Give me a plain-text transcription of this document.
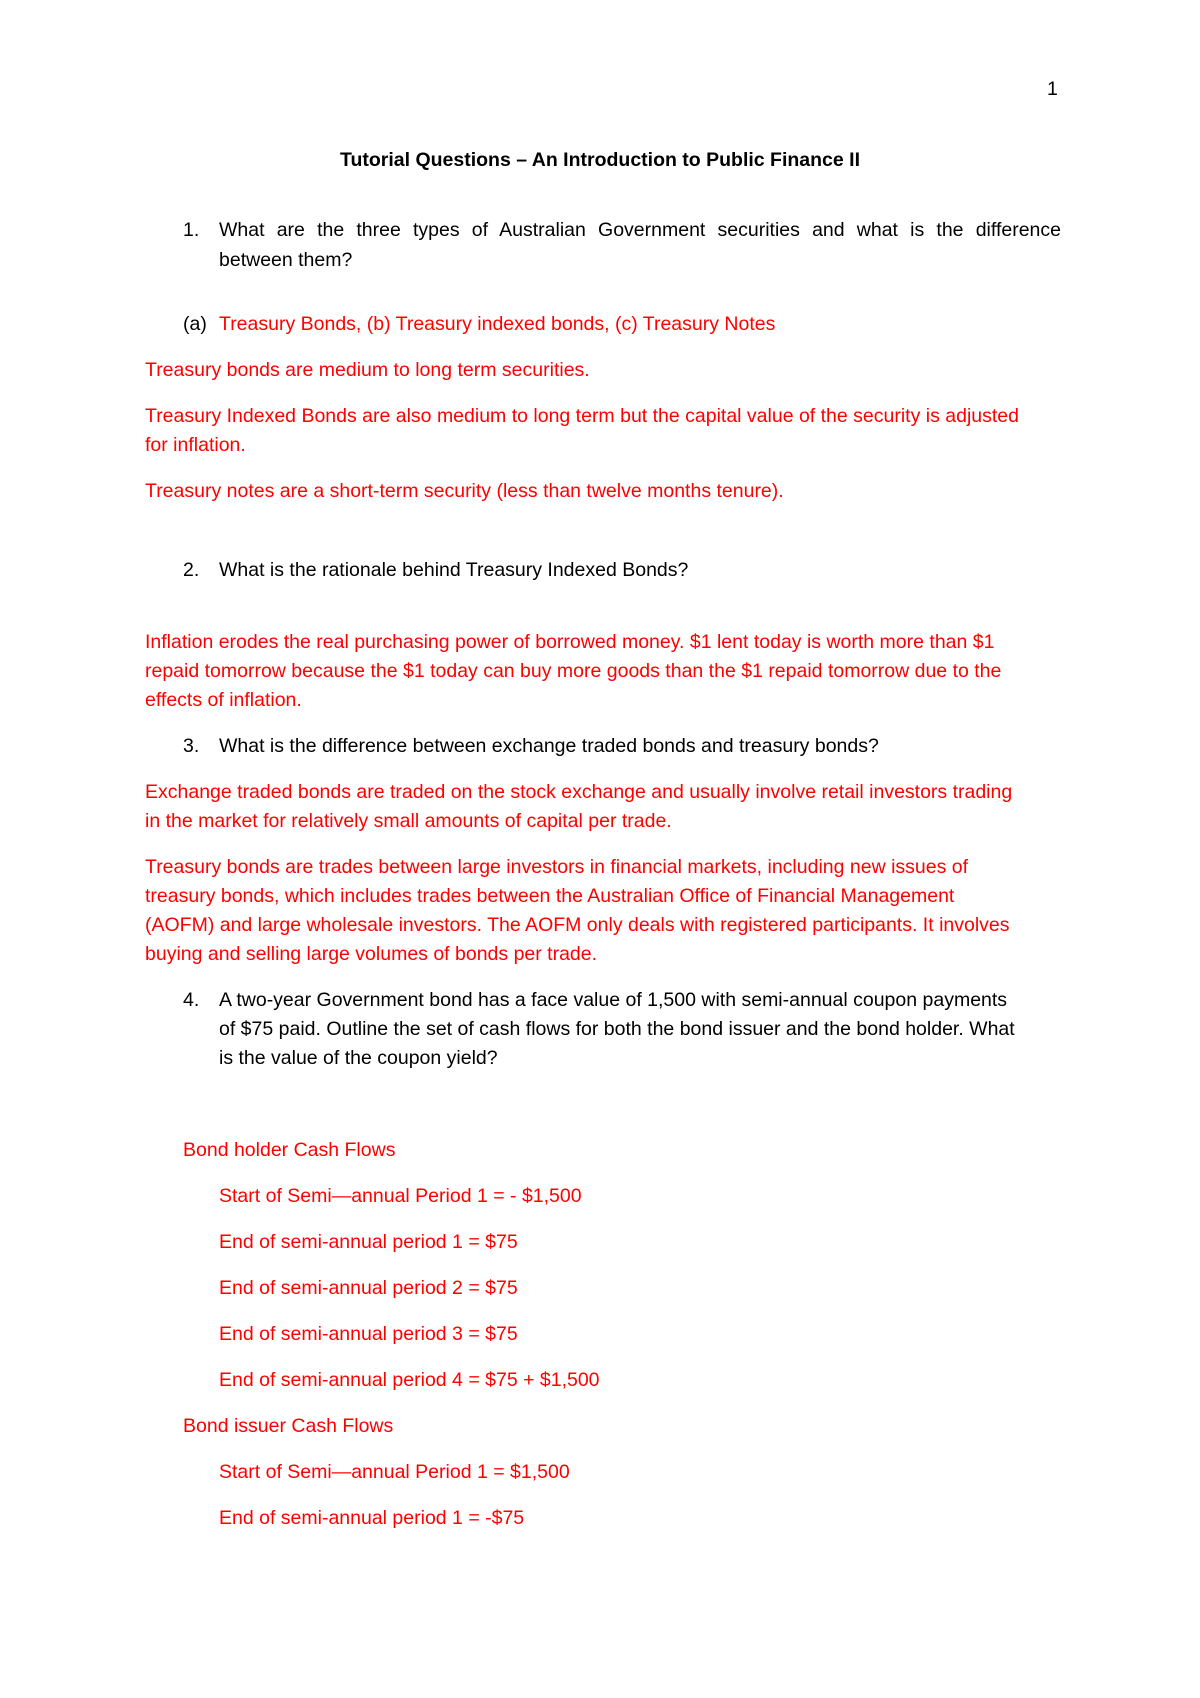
1
Tutorial Questions – An Introduction to Public Finance II
1. What are the three types of Australian Government securities and what is the difference
between them?
(a) Treasury Bonds, (b) Treasury indexed bonds, (c) Treasury Notes
Treasury bonds are medium to long term securities.
Treasury Indexed Bonds are also medium to long term but the capital value of the security is adjusted
for inflation.
Treasury notes are a short-term security (less than twelve months tenure).
2. What is the rationale behind Treasury Indexed Bonds?
Inflation erodes the real purchasing power of borrowed money. $1 lent today is worth more than $1
repaid tomorrow because the $1 today can buy more goods than the $1 repaid tomorrow due to the
effects of inflation.
3. What is the difference between exchange traded bonds and treasury bonds?
Exchange traded bonds are traded on the stock exchange and usually involve retail investors trading
in the market for relatively small amounts of capital per trade.
Treasury bonds are trades between large investors in financial markets, including new issues of
treasury bonds, which includes trades between the Australian Office of Financial Management
(AOFM) and large wholesale investors. The AOFM only deals with registered participants. It involves
buying and selling large volumes of bonds per trade.
4. A two-year Government bond has a face value of 1,500 with semi-annual coupon payments
of $75 paid. Outline the set of cash flows for both the bond issuer and the bond holder. What
is the value of the coupon yield?
Bond holder Cash Flows
Start of Semi—annual Period 1 = - $1,500
End of semi-annual period 1 = $75
End of semi-annual period 2 = $75
End of semi-annual period 3 = $75
End of semi-annual period 4 = $75 + $1,500
Bond issuer Cash Flows
Start of Semi—annual Period 1 = $1,500
End of semi-annual period 1 = -$75
